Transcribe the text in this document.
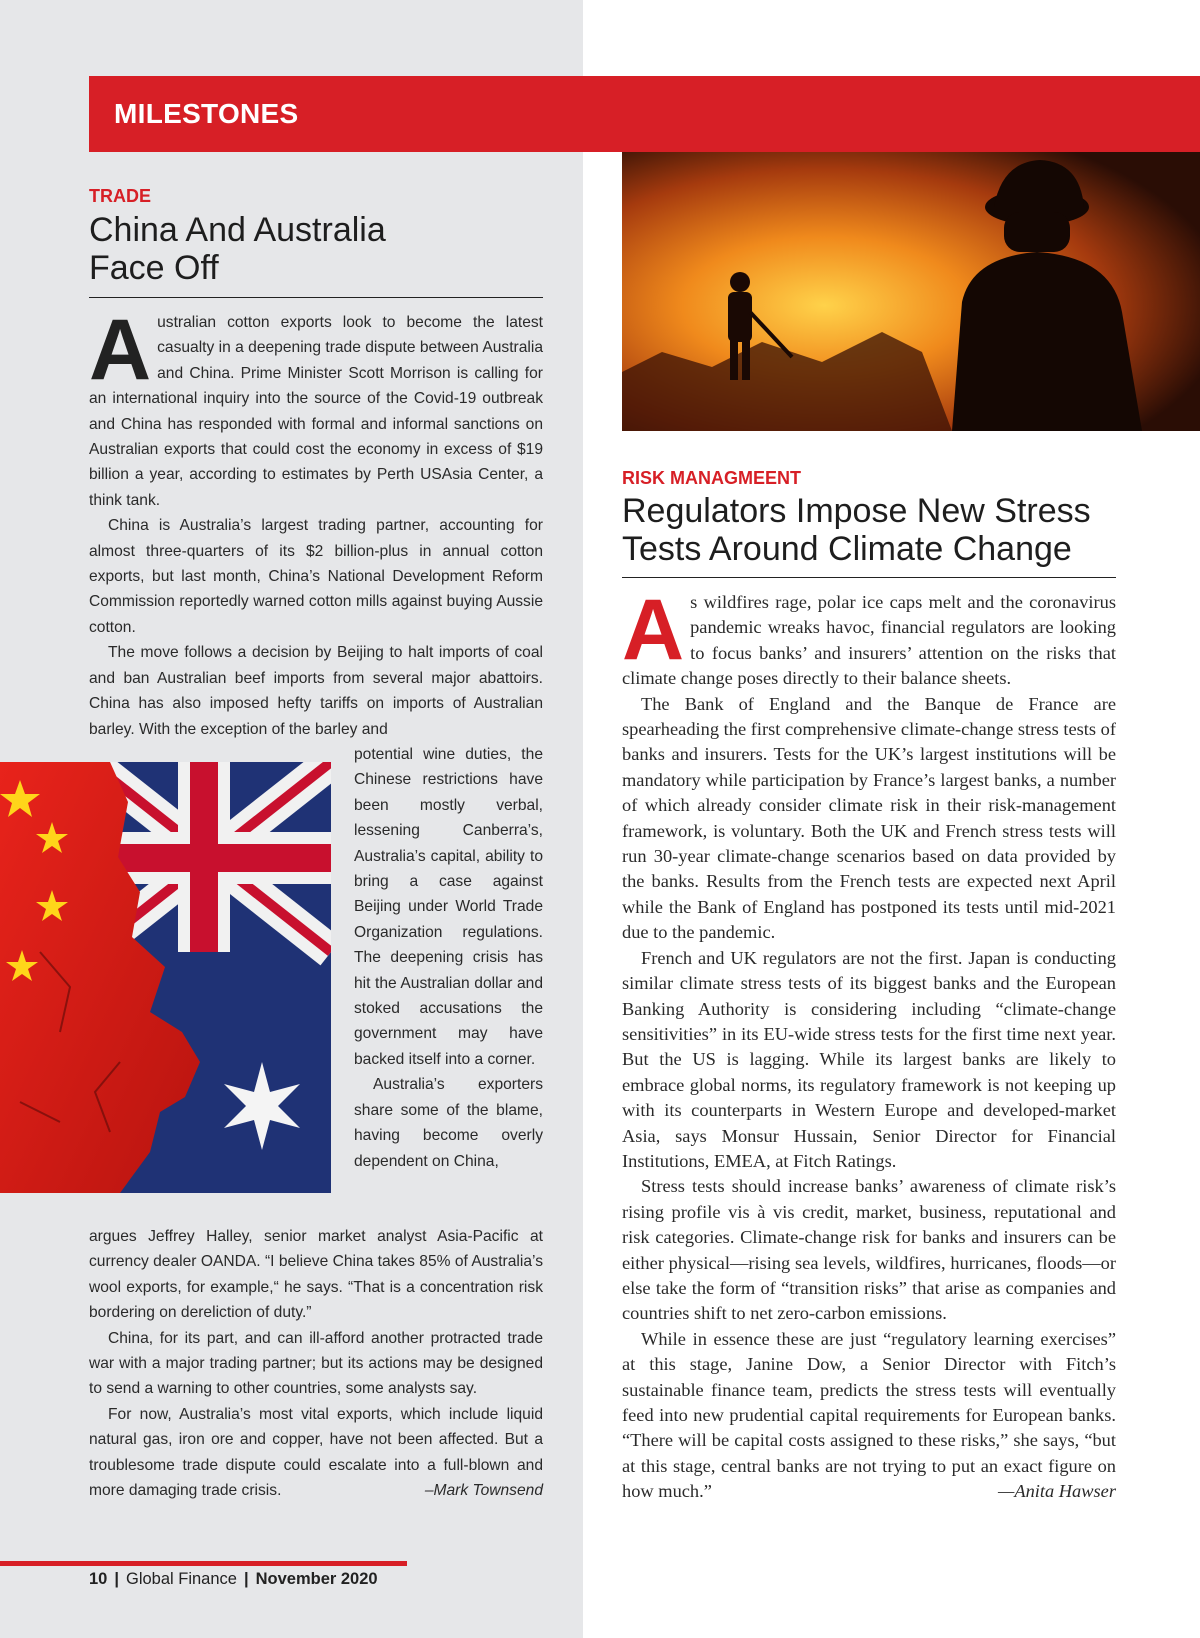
MILESTONES
TRADE
China And Australia
Face Off

Australian cotton exports look to become the latest casualty in a deepening trade dispute between Australia and China. Prime Minister Scott Morrison is calling for an international inquiry into the source of the Covid-19 outbreak and China has responded with formal and informal sanctions on Australian exports that could cost the economy in excess of $19 billion a year, according to estimates by Perth USAsia Center, a think tank.

China is Australia’s largest trading partner, accounting for almost three-quarters of its $2 billion-plus in annual cotton exports, but last month, China’s National Development Reform Commission reportedly warned cotton mills against buying Aussie cotton.

The move follows a decision by Beijing to halt imports of coal and ban Australian beef imports from several major abattoirs. China has also imposed hefty tariffs on imports of Australian barley. With the exception of the barley and

potential wine duties, the Chinese restrictions have been mostly verbal, lessening Canberra’s, Australia’s capital, ability to bring a case against Beijing under World Trade Organization regulations. The deepening crisis has hit the Australian dollar and stoked accusations the government may have backed itself into a corner.

Australia’s exporters share some of the blame, having become overly dependent on China,

argues Jeffrey Halley, senior market analyst Asia-Pacific at currency dealer OANDA. “I believe China takes 85% of Australia’s wool exports, for example,“ he says. “That is a concentration risk bordering on dereliction of duty.”

China, for its part, and can ill-afford another protracted trade war with a major trading partner; but its actions may be designed to send a warning to other countries, some analysts say.

For now, Australia’s most vital exports, which include liquid natural gas, iron ore and copper, have not been affected. But a troublesome trade dispute could escalate into a full-blown and more damaging trade crisis.	–Mark Townsend

RISK MANAGMEENT
Regulators Impose New Stress
Tests Around Climate Change

As wildfires rage, polar ice caps melt and the coronavirus pandemic wreaks havoc, financial regulators are looking to focus banks’ and insurers’ attention on the risks that climate change poses directly to their balance sheets.

The Bank of England and the Banque de France are spearheading the first comprehensive climate-change stress tests of banks and insurers. Tests for the UK’s largest institutions will be mandatory while participation by France’s largest banks, a number of which already consider climate risk in their risk-management framework, is voluntary. Both the UK and French stress tests will run 30-year climate-change scenarios based on data provided by the banks. Results from the French tests are expected next April while the Bank of England has postponed its tests until mid-2021 due to the pandemic.

French and UK regulators are not the first. Japan is conducting similar climate stress tests of its biggest banks and the European Banking Authority is considering including “climate-change sensitivities” in its EU-wide stress tests for the first time next year. But the US is lagging. While its largest banks are likely to embrace global norms, its regulatory framework is not keeping up with its counterparts in Western Europe and developed-market Asia, says Monsur Hussain, Senior Director for Financial Institutions, EMEA, at Fitch Ratings.

Stress tests should increase banks’ awareness of climate risk’s rising profile vis à vis credit, market, business, reputational and risk categories. Climate-change risk for banks and insurers can be either physical—rising sea levels, wildfires, hurricanes, floods—or else take the form of “transition risks” that arise as companies and countries shift to net zero-carbon emissions.

While in essence these are just “regulatory learning exercises” at this stage, Janine Dow, a Senior Director with Fitch’s sustainable finance team, predicts the stress tests will eventually feed into new prudential capital requirements for European banks. “There will be capital costs assigned to these risks,” she says, “but at this stage, central banks are not trying to put an exact figure on how much.”	—Anita Hawser

10 | Global Finance | November 2020
